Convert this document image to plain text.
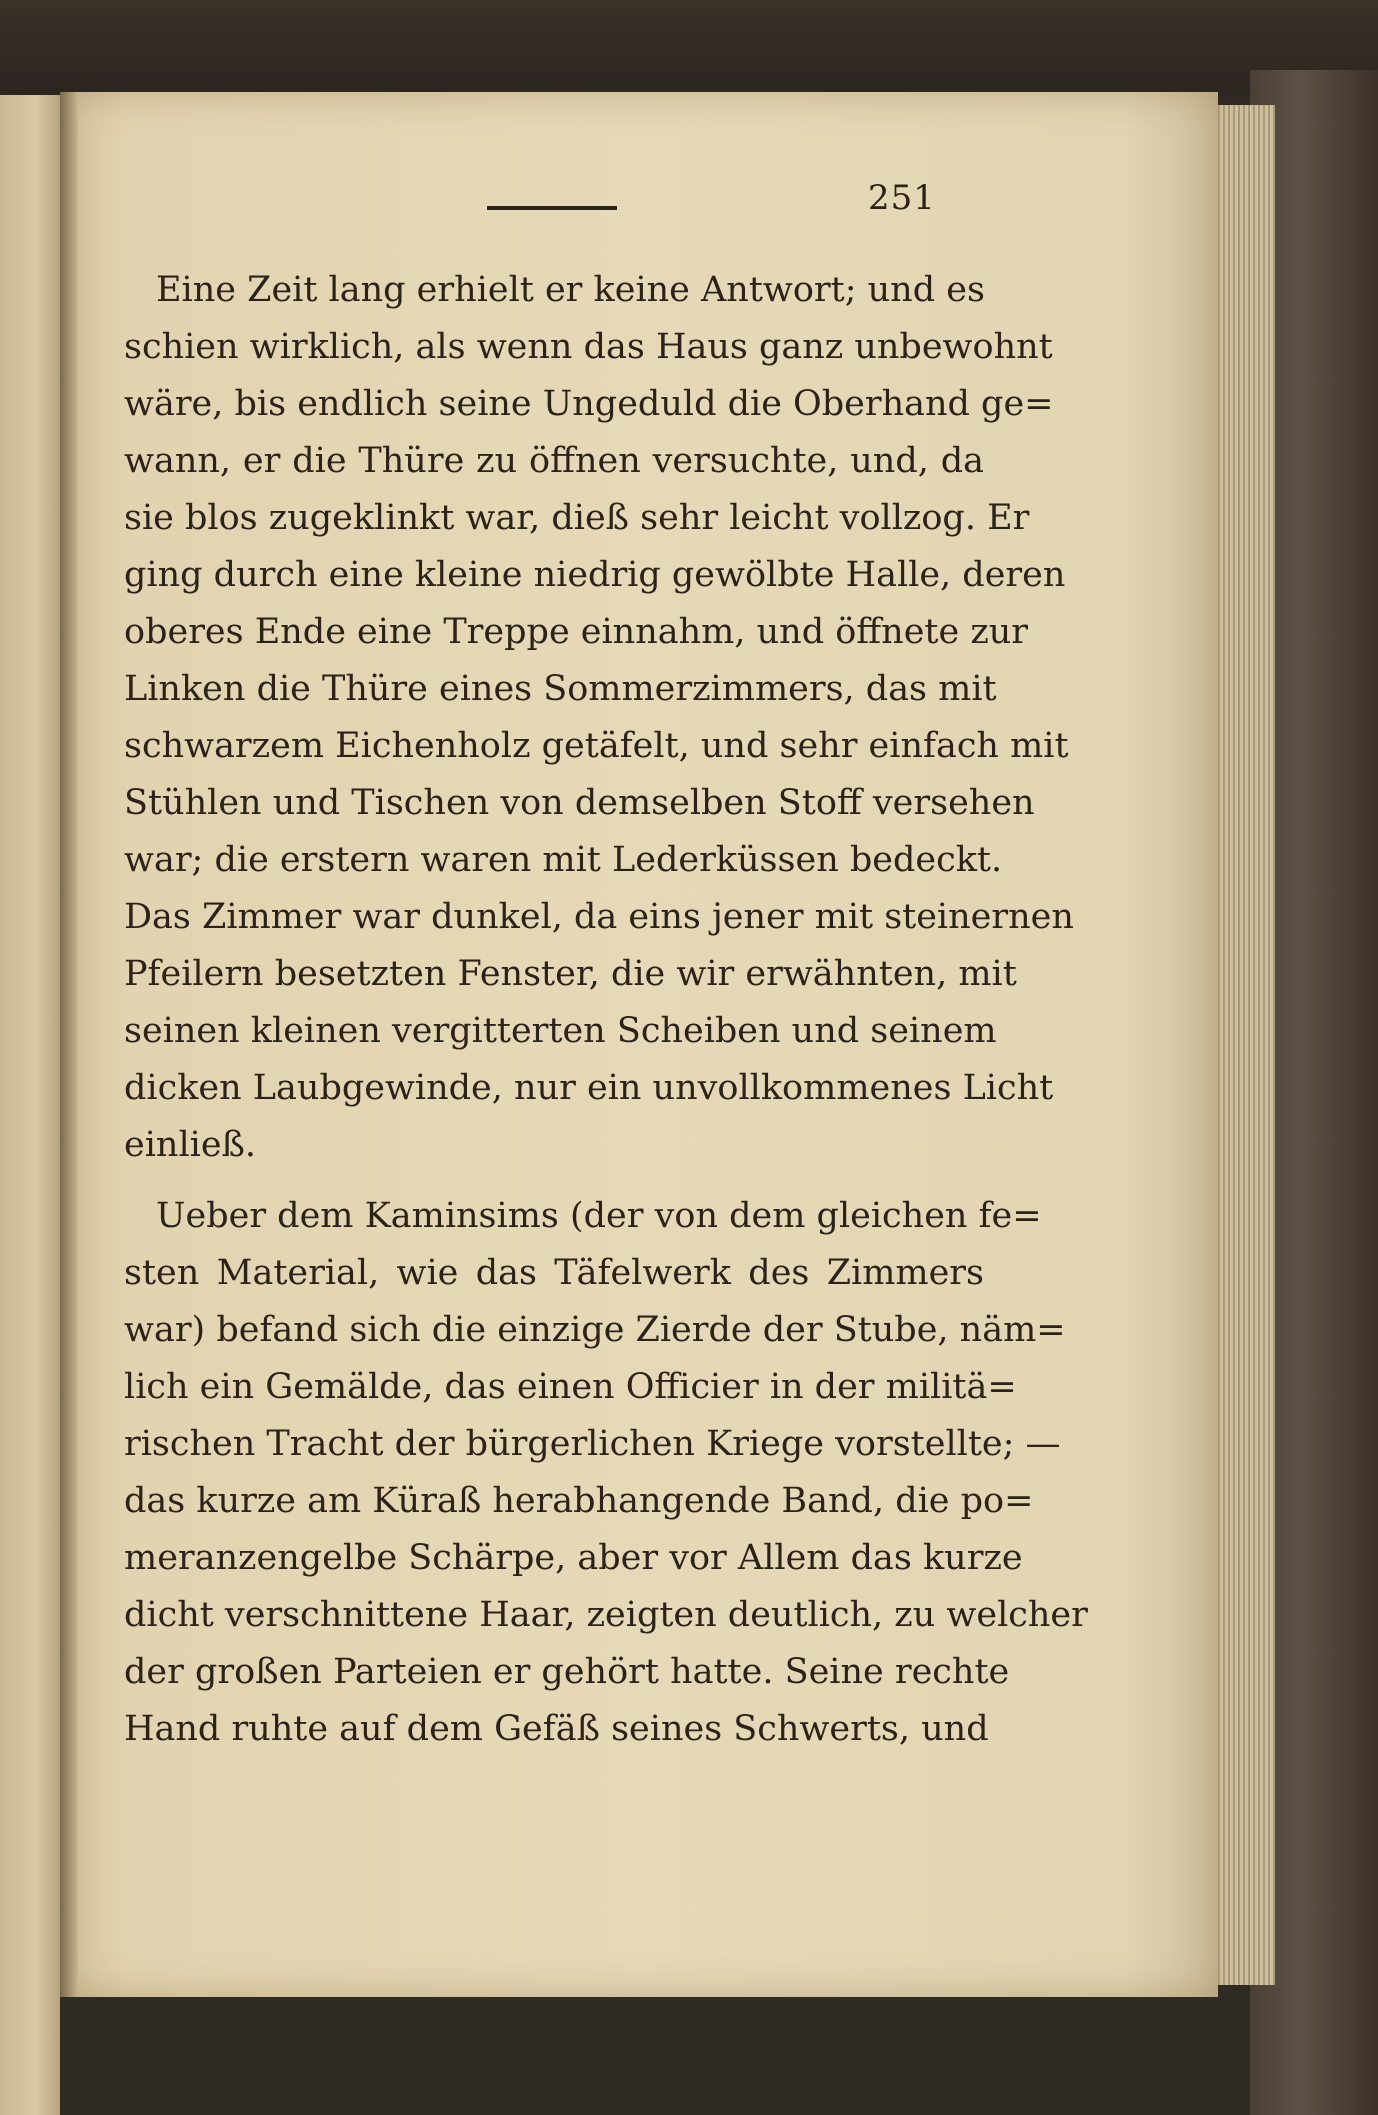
251
Eine Zeit lang erhielt er keine Antwort; und es
schien wirklich, als wenn das Haus ganz unbewohnt
wäre, bis endlich seine Ungeduld die Oberhand ge=
wann, er die Thüre zu öffnen versuchte, und, da
sie blos zugeklinkt war, dieß sehr leicht vollzog. Er
ging durch eine kleine niedrig gewölbte Halle, deren
oberes Ende eine Treppe einnahm, und öffnete zur
Linken die Thüre eines Sommerzimmers, das mit
schwarzem Eichenholz getäfelt, und sehr einfach mit
Stühlen und Tischen von demselben Stoff versehen
war; die erstern waren mit Lederküssen bedeckt.
Das Zimmer war dunkel, da eins jener mit steinernen
Pfeilern besetzten Fenster, die wir erwähnten, mit
seinen kleinen vergitterten Scheiben und seinem
dicken Laubgewinde, nur ein unvollkommenes Licht
einließ.
Ueber dem Kaminsims (der von dem gleichen fe=
sten Material, wie das Täfelwerk des Zimmers
war) befand sich die einzige Zierde der Stube, näm=
lich ein Gemälde, das einen Officier in der militä=
rischen Tracht der bürgerlichen Kriege vorstellte; —
das kurze am Küraß herabhangende Band, die po=
meranzengelbe Schärpe, aber vor Allem das kurze
dicht verschnittene Haar, zeigten deutlich, zu welcher
der großen Parteien er gehört hatte. Seine rechte
Hand ruhte auf dem Gefäß seines Schwerts, und
